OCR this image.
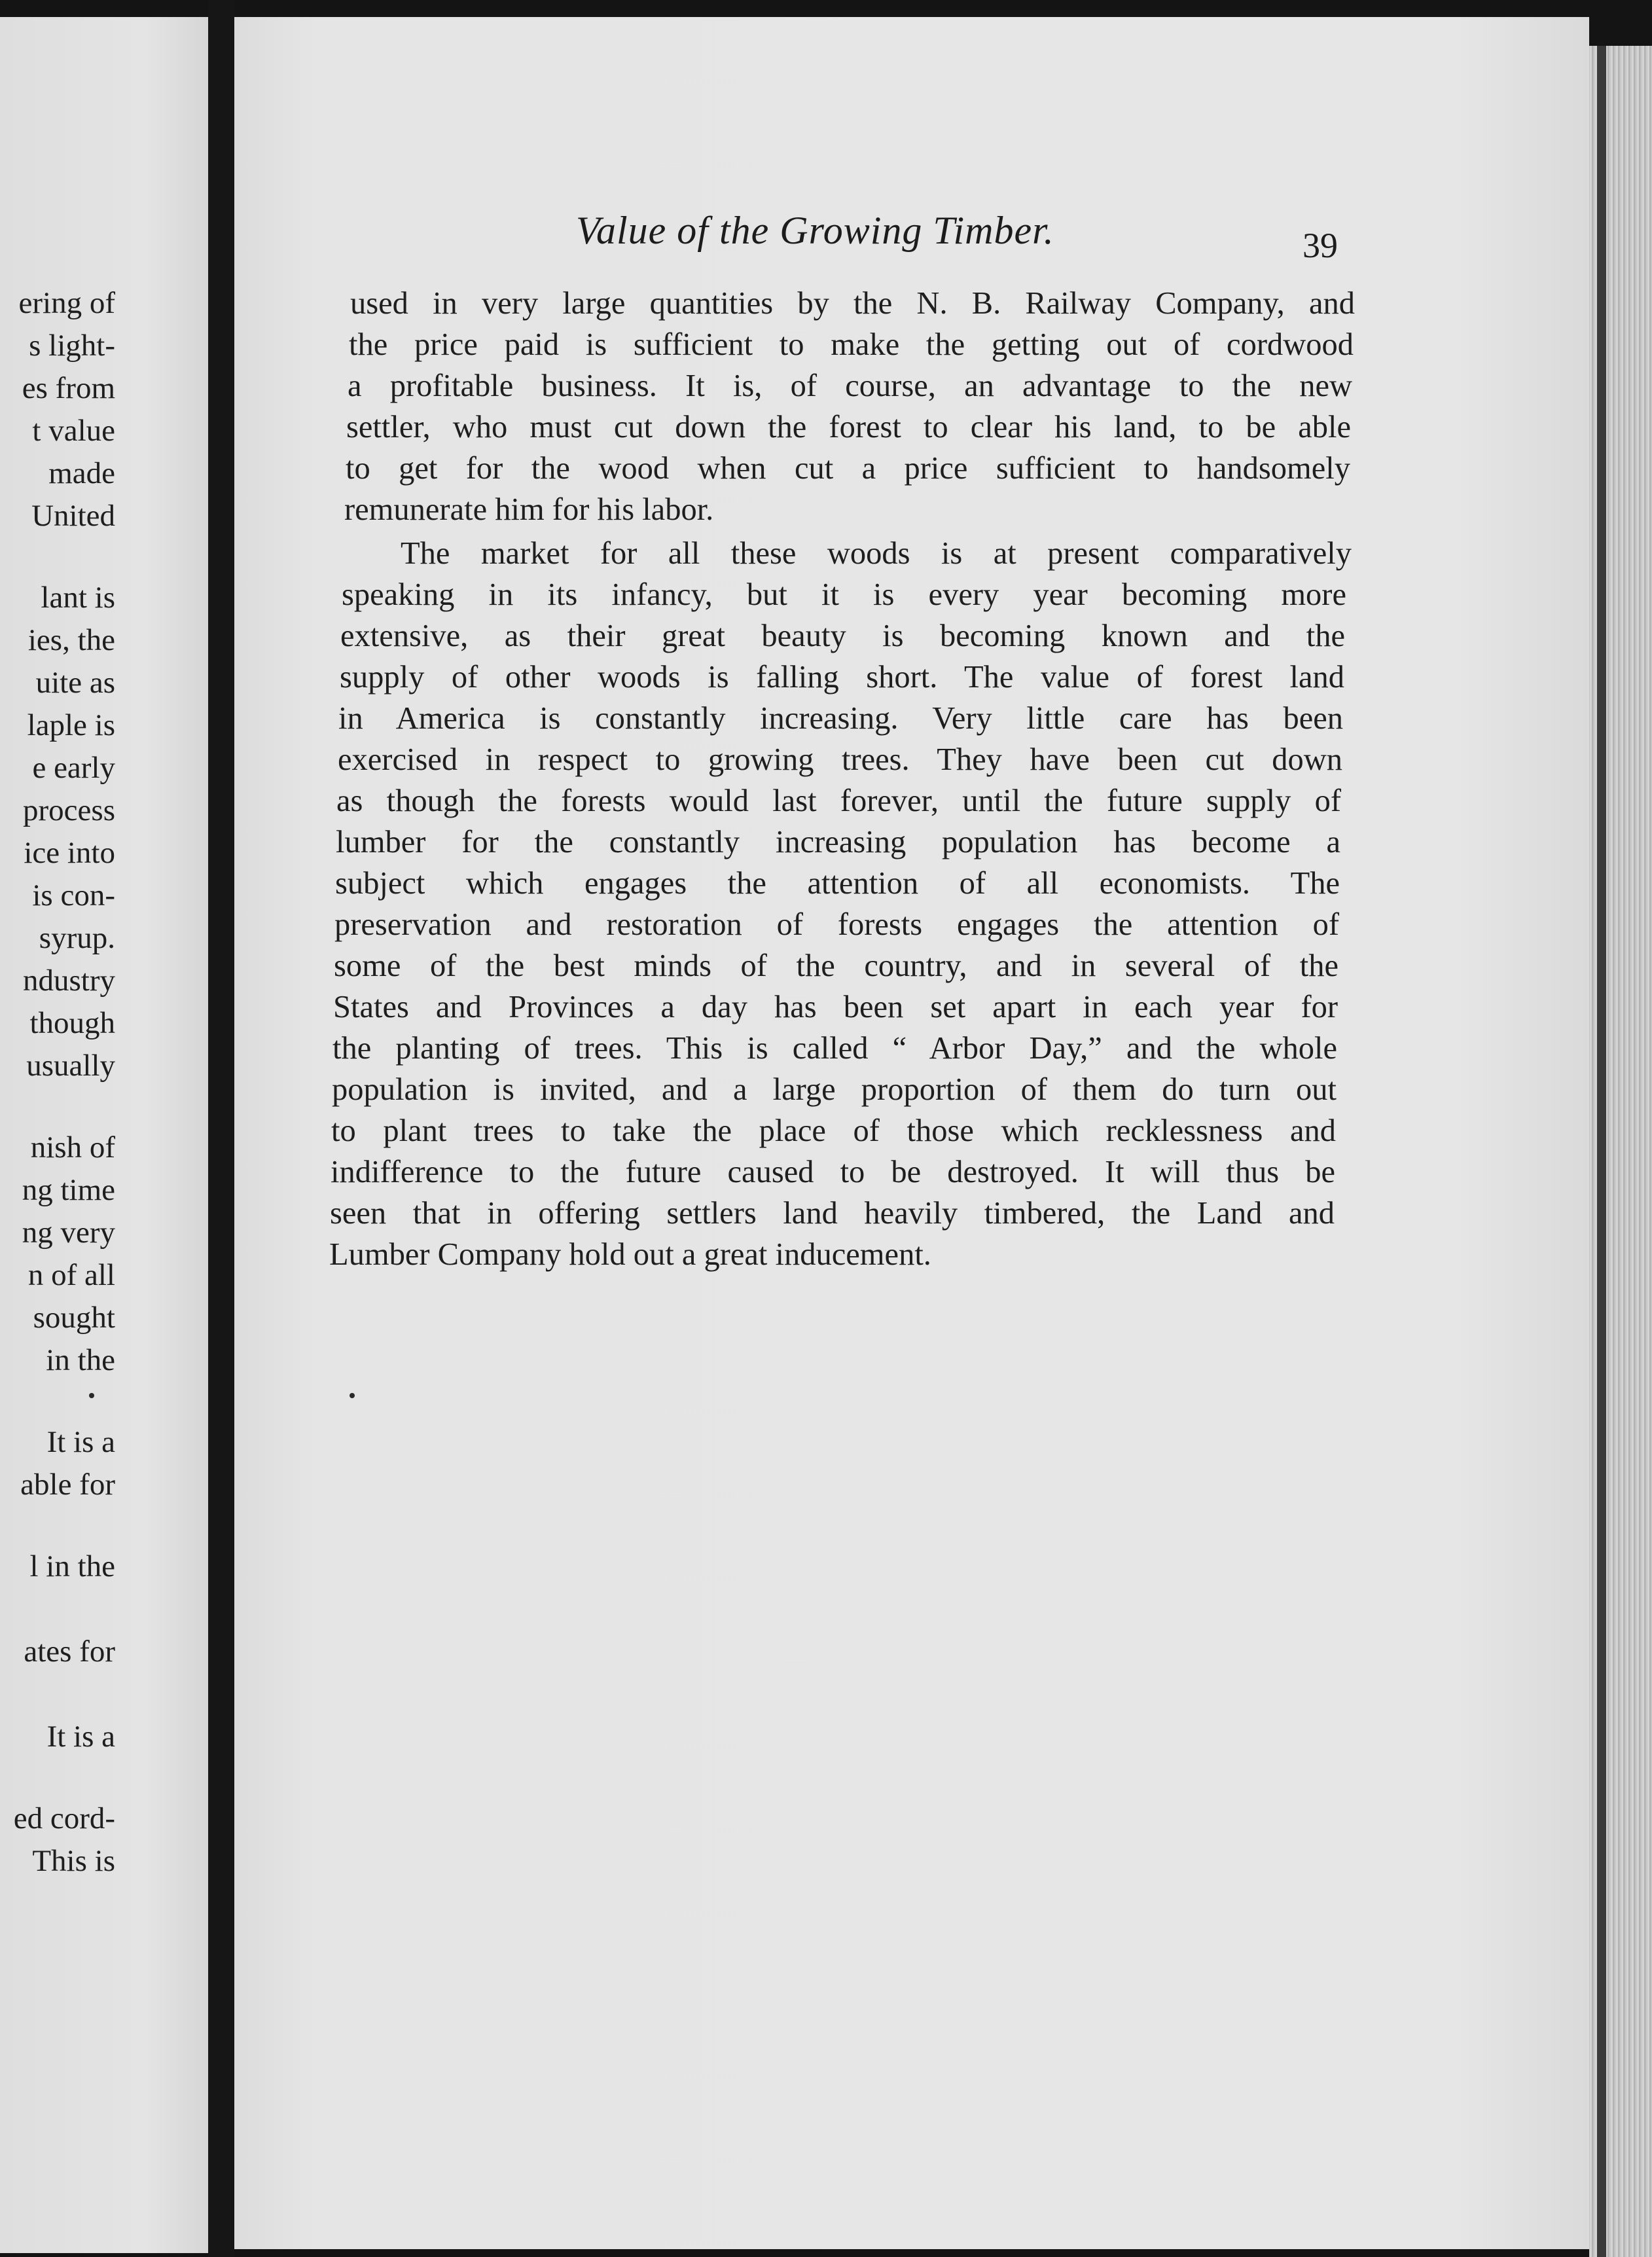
ering of
s light-
es from
t value
made
United
lant is
ies, the
uite as
laple is
e early
process
ice into
is con-
syrup.
ndustry
though
usually
nish of
ng time
ng very
n of all
sought
in the
It is a
able for
l in the
ates for
It is a
ed cord-
This is
Value of the Growing Timber.	39
used in very large quantities by the N. B. Railway Company, and
the price paid is sufficient to make the getting out of cordwood
a profitable business. It is, of course, an advantage to the new
settler, who must cut down the forest to clear his land, to be able
to get for the wood when cut a price sufficient to handsomely
remunerate him for his labor.
The market for all these woods is at present comparatively
speaking in its infancy, but it is every year becoming more
extensive, as their great beauty is becoming known and the
supply of other woods is falling short. The value of forest land
in America is constantly increasing. Very little care has been
exercised in respect to growing trees. They have been cut down
as though the forests would last forever, until the future supply of
lumber for the constantly increasing population has become a
subject which engages the attention of all economists. The
preservation and restoration of forests engages the attention of
some of the best minds of the country, and in several of the
States and Provinces a day has been set apart in each year for
the planting of trees. This is called “ Arbor Day,” and the whole
population is invited, and a large proportion of them do turn out
to plant trees to take the place of those which recklessness and
indifference to the future caused to be destroyed. It will thus be
seen that in offering settlers land heavily timbered, the Land and
Lumber Company hold out a great inducement.
